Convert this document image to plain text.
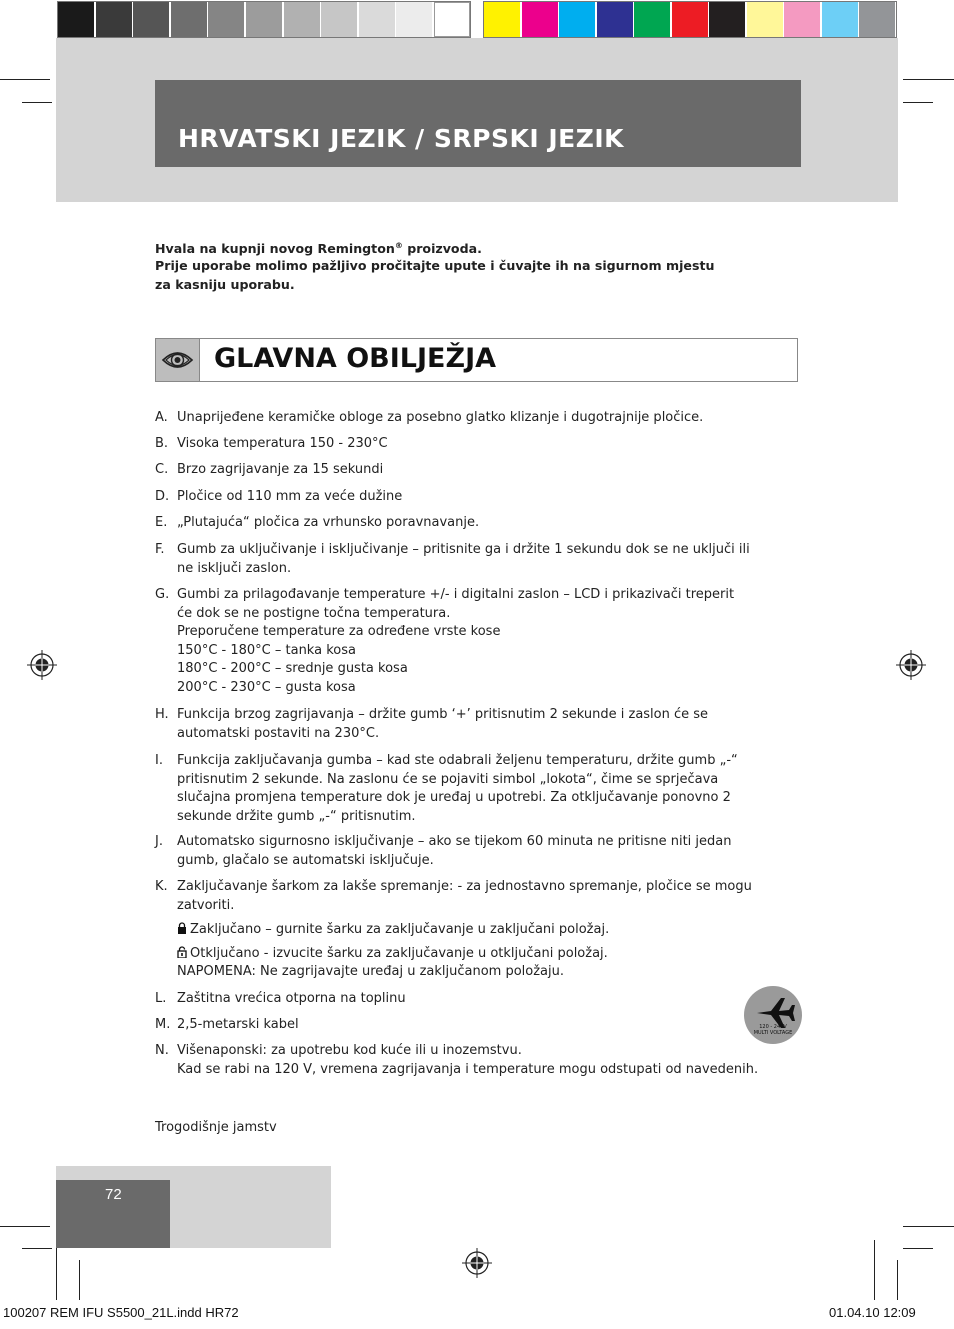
HRVATSKI JEZIK / SRPSKI JEZIK
Hvala na kupnji novog Remington® proizvoda.
Prije uporabe molimo pažljivo pročitajte upute i čuvajte ih na sigurnom mjestu
za kasniju uporabu.
GLAVNA OBILJEŽJA
A. Unaprijeđene keramičke obloge za posebno glatko klizanje i dugotrajnije pločice.
B. Visoka temperatura 150 - 230°C
C. Brzo zagrijavanje za 15 sekundi
D. Pločice od 110 mm za veće dužine
E. „Plutajuća“ pločica za vrhunsko poravnavanje.
F. Gumb za uključivanje i isključivanje – pritisnite ga i držite 1 sekundu dok se ne uključi ili
ne isključi zaslon.
G. Gumbi za prilagođavanje temperature +/- i digitalni zaslon – LCD i prikazivači treperit
će dok se ne postigne točna temperatura.
Preporučene temperature za određene vrste kose
150°C - 180°C – tanka kosa
180°C - 200°C – srednje gusta kosa
200°C - 230°C – gusta kosa
H. Funkcija brzog zagrijavanja – držite gumb ‘+’ pritisnutim 2 sekunde i zaslon će se
automatski postaviti na 230°C.
I.	Funkcija zaključavanja gumba – kad ste odabrali željenu temperaturu, držite gumb „-“
pritisnutim 2 sekunde. Na zaslonu će se pojaviti simbol „lokota“, čime se sprječava
slučajna promjena temperature dok je uređaj u upotrebi. Za otključavanje ponovno 2
sekunde držite gumb „-“ pritisnutim.
J.	Automatsko sigurnosno isključivanje – ako se tijekom 60 minuta ne pritisne niti jedan
gumb, glačalo se automatski isključuje.
K. Zaključavanje šarkom za lakše spremanje: - za jednostavno spremanje, pločice se mogu
zatvoriti.
Zaključano – gurnite šarku za zaključavanje u zaključani položaj.
Otključano - izvucite šarku za zaključavanje u otključani položaj.
NAPOMENA: Ne zagrijavajte uređaj u zaključanom položaju.
L. Zaštitna vrećica otporna na toplinu
M. 2,5-metarski kabel
N. Višenaponski: za upotrebu kod kuće ili u inozemstvu.
Kad se rabi na 120 V, vremena zagrijavanja i temperature mogu odstupati od navedenih.
120 - 240V
MULTI VOLTAGE
Trogodišnje jamstv
72
100207 REM IFU S5500_21L.indd HR72	01.04.10 12:09
